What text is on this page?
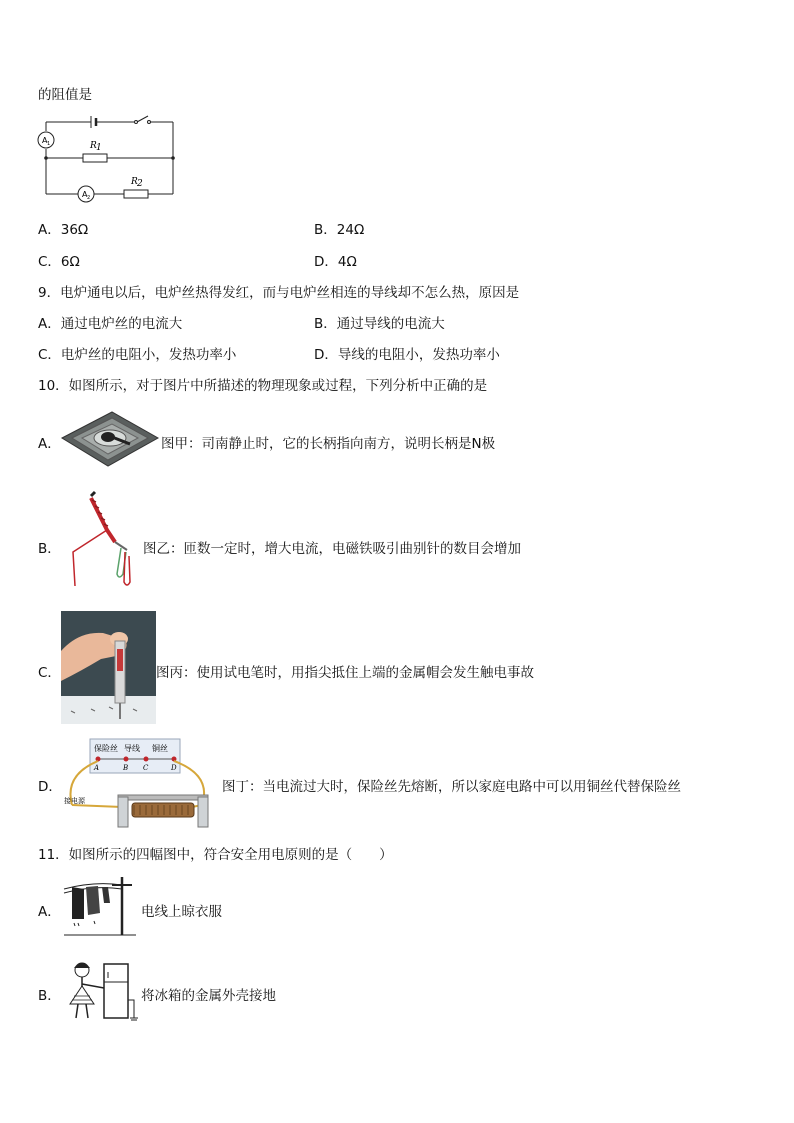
的阻值是
A 1
A 2
R 1
R 2
A．36Ω	B．24Ω
C．6Ω	D．4Ω
9．电炉通电以后，电炉丝热得发红，而与电炉丝相连的导线却不怎么热，原因是
A．通过电炉丝的电流大	B．通过导线的电流大
C．电炉丝的电阻小，发热功率小	D．导线的电阻小，发热功率小
10．如图所示，对于图片中所描述的物理现象或过程，下列分析中正确的是
A．	图甲：司南静止时，它的长柄指向南方，说明长柄是N极
B．	图乙：匝数一定时，增大电流，电磁铁吸引曲别针的数目会增加
C．	图丙：使用试电笔时，用指尖抵住上端的金属帽会发生触电事故
D．
保险丝 导线 铜丝
A	B C	D
接电源
图丁：当电流过大时，保险丝先熔断，所以家庭电路中可以用铜丝代替保险丝
11．如图所示的四幅图中，符合安全用电原则的是（　　）
A．	电线上晾衣服
B．	将冰箱的金属外壳接地
